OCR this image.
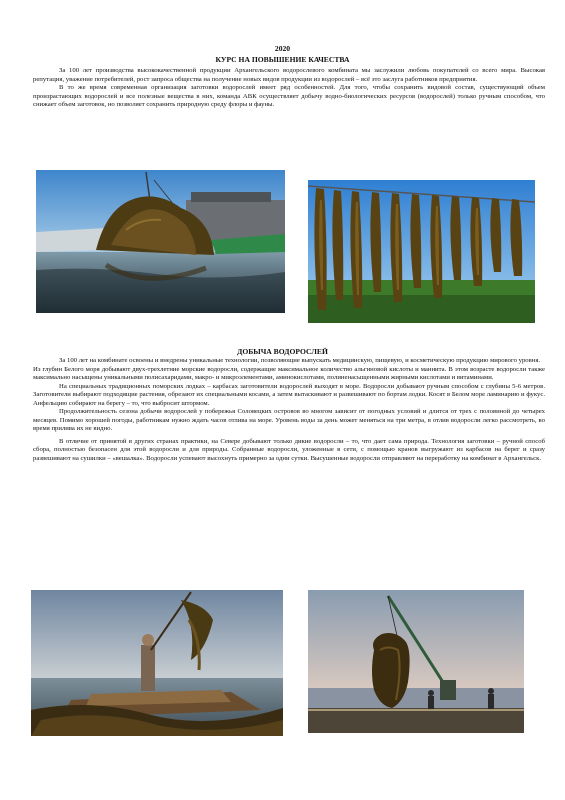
2020
КУРС НА ПОВЫШЕНИЕ КАЧЕСТВА

За 100 лет производства высококачественной продукции Архангельского водорослевого комбината мы заслужили любовь покупателей со всего мира. Высокая репутация, уважение потребителей, рост запроса общества на получение новых видов продукции из водорослей – всё это заслуга работников предприятия.

В то же время современная организация заготовки водорослей имеет ряд особенностей. Для того, чтобы сохранить видовой состав, существующий объем произрастающих водорослей и все полезные вещества в них, команда АВК осуществляет добычу водно-биологических ресурсов (водорослей) только ручным способом, что снижает объем заготовок, но позволяет сохранить природную среду флоры и фауны.

ДОБЫЧА ВОДОРОСЛЕЙ

За 100 лет на комбинате освоены и внедрены уникальные технологии, позволяющие выпускать медицинскую, пищевую, и косметическую продукцию мирового уровня.

Из глубин Белого моря добывают двух-трехлетние морские водоросли, содержащие максимальное количество альгиновой кислоты и маннита. В этом возрасте водоросли также максимально насыщены уникальными полисахаридами, макро- и микроэлементами, аминокислотами, полиненасыщенными жирными кислотами и витаминами.

На специальных традиционных поморских лодках – карбасах заготовители водорослей выходят в море. Водоросли добывают ручным способом с глубины 5-6 метров. Заготовители выбирают подходящие растения, обрезают их специальными косами, а затем вытаскивают и развешивают по бортам лодки. Косят в Белом море ламинарию и фукус. Анфельцию собирают на берегу – то, что выбросит штормом.

Продолжительность сезона добычи водорослей у побережья Соловецких островов во многом зависит от погодных условий и длится от трех с половиной до четырех месяцев. Помимо хорошей погоды, работникам нужно ждать часов отлива на море. Уровень воды за день может меняться на три метра, в отлив водоросли легко рассмотреть, во время прилива их не видно.

В отличие от принятой в других странах практики, на Севере добывают только дикие водоросли – то, что дает сама природа. Технология заготовки – ручной способ сбора, полностью безопасен для этой водоросли и для природы. Собранные водоросли, уложенные в сети, с помощью кранов выгружают из карбасов на берег и сразу развешивают на сушилки – «вешалка». Водоросли успевают высохнуть примерно за одни сутки. Высушенные водоросли отправляют на переработку на комбинат в Архангельск.
